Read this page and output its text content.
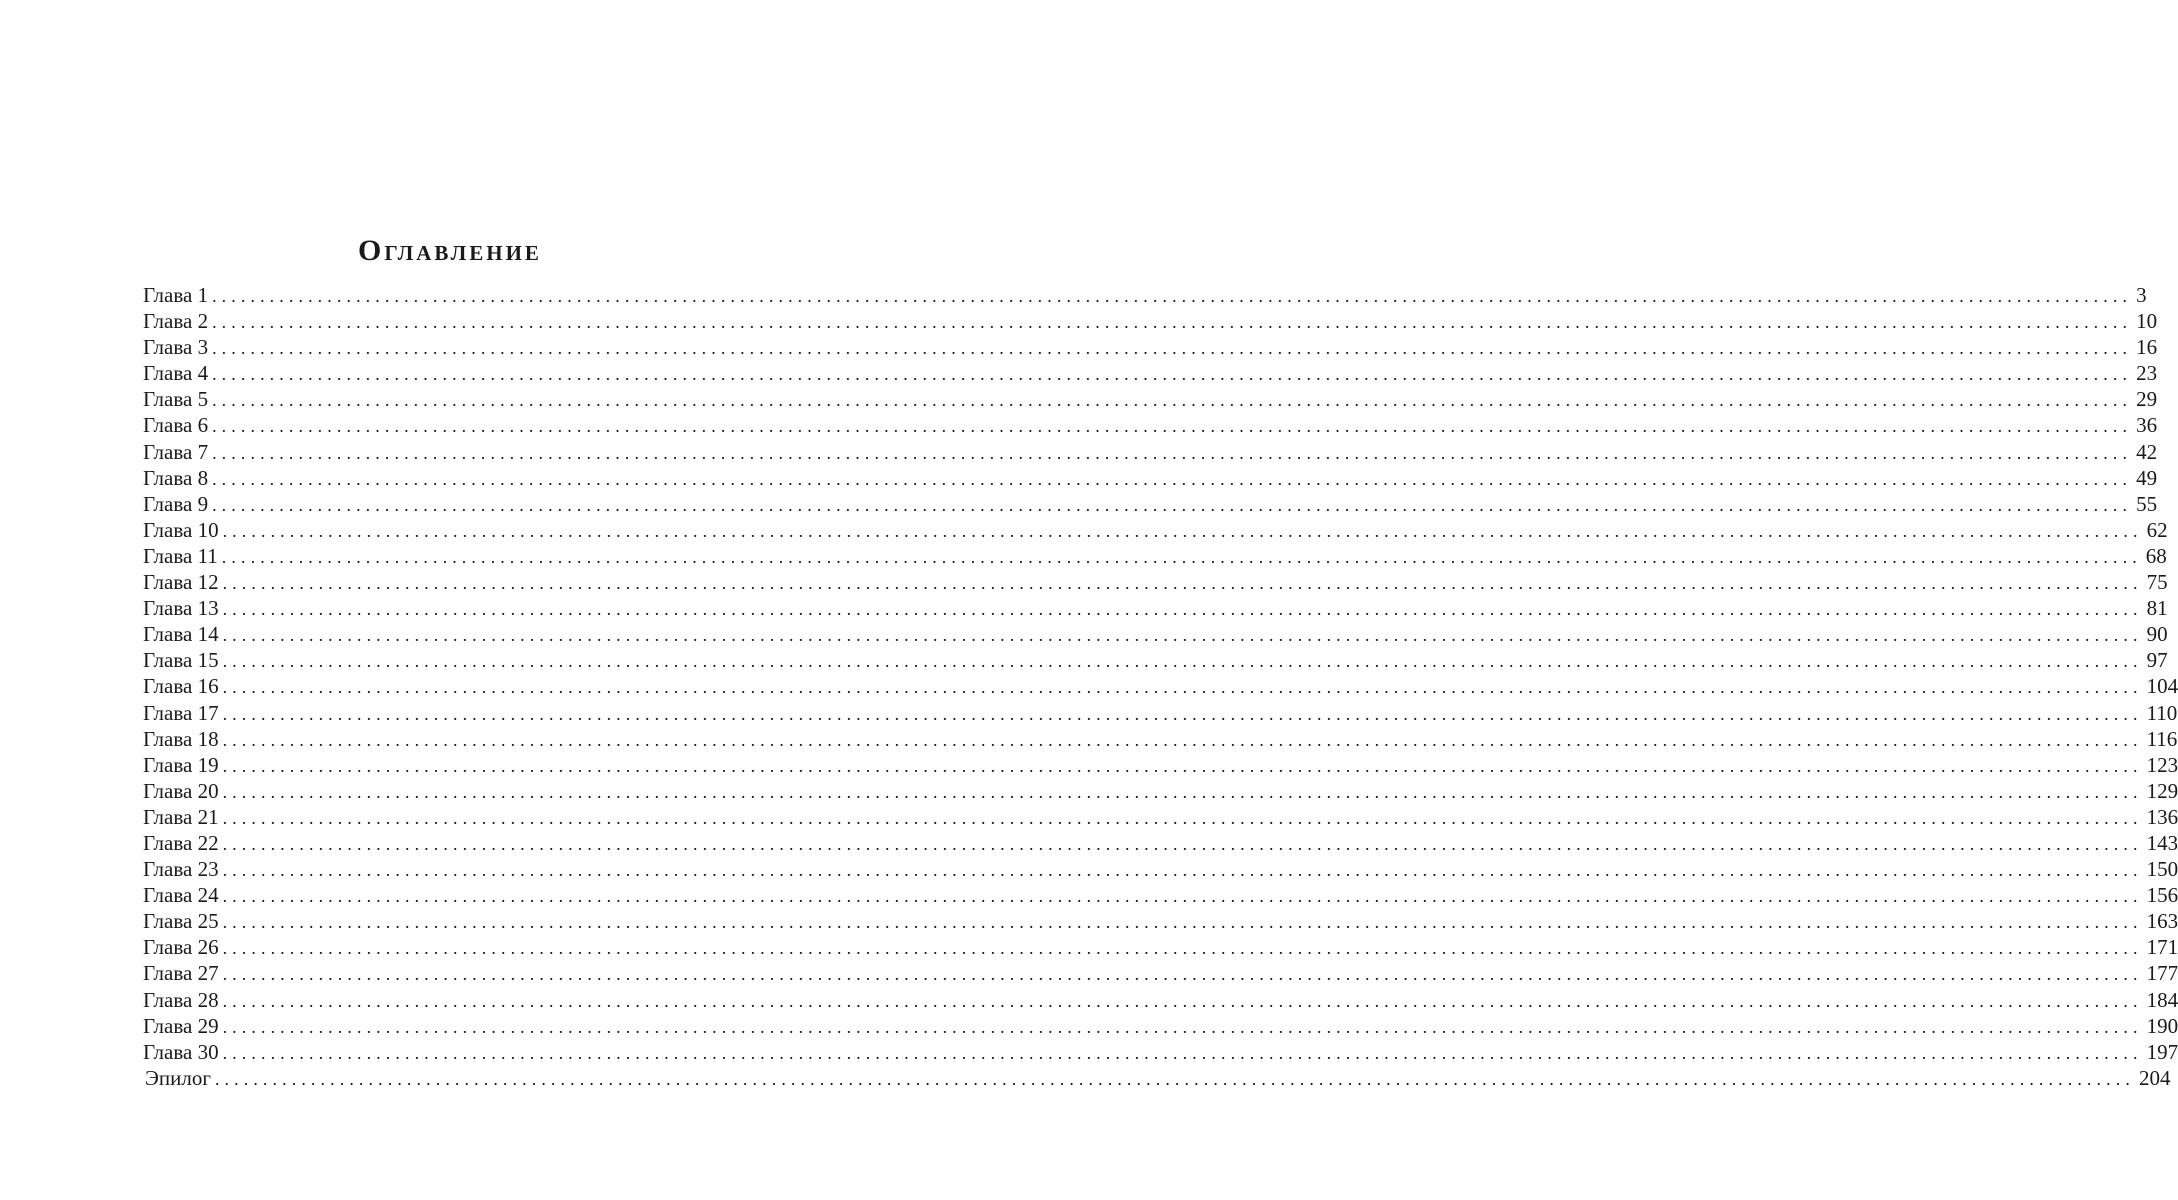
Оглавление
Глава 1 ........................................................................................................................................................................................................ 3
Глава 2 ........................................................................................................................................................................................................ 10
Глава 3 ........................................................................................................................................................................................................ 16
Глава 4 ........................................................................................................................................................................................................ 23
Глава 5 ........................................................................................................................................................................................................ 29
Глава 6 ........................................................................................................................................................................................................ 36
Глава 7 ........................................................................................................................................................................................................ 42
Глава 8 ........................................................................................................................................................................................................ 49
Глава 9 ........................................................................................................................................................................................................ 55
Глава 10 ........................................................................................................................................................................................................ 62
Глава 11 ........................................................................................................................................................................................................ 68
Глава 12 ........................................................................................................................................................................................................ 75
Глава 13 ........................................................................................................................................................................................................ 81
Глава 14 ........................................................................................................................................................................................................ 90
Глава 15 ........................................................................................................................................................................................................ 97
Глава 16 ........................................................................................................................................................................................................ 104
Глава 17 ........................................................................................................................................................................................................ 110
Глава 18 ........................................................................................................................................................................................................ 116
Глава 19 ........................................................................................................................................................................................................ 123
Глава 20 ........................................................................................................................................................................................................ 129
Глава 21 ........................................................................................................................................................................................................ 136
Глава 22 ........................................................................................................................................................................................................ 143
Глава 23 ........................................................................................................................................................................................................ 150
Глава 24 ........................................................................................................................................................................................................ 156
Глава 25 ........................................................................................................................................................................................................ 163
Глава 26 ........................................................................................................................................................................................................ 171
Глава 27 ........................................................................................................................................................................................................ 177
Глава 28 ........................................................................................................................................................................................................ 184
Глава 29 ........................................................................................................................................................................................................ 190
Глава 30 ........................................................................................................................................................................................................ 197
Эпилог ........................................................................................................................................................................................................ 204
